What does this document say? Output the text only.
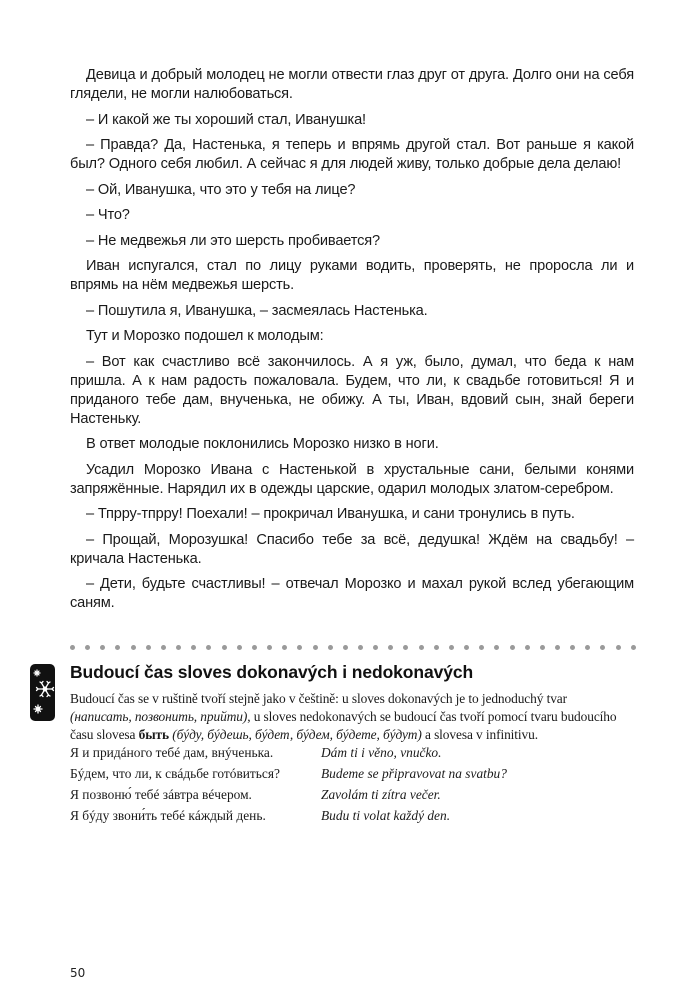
Девица и добрый молодец не могли отвести глаз друг от друга. Долго они на себя глядели, не могли налюбоваться.

– И какой же ты хороший стал, Иванушка!

– Правда? Да, Настенька, я теперь и впрямь другой стал. Вот раньше я какой был? Одного себя любил. А сейчас я для людей живу, только добрые дела делаю!

– Ой, Иванушка, что это у тебя на лице?

– Что?

– Не медвежья ли это шерсть пробивается?

Иван испугался, стал по лицу руками водить, проверять, не проросла ли и впрямь на нём медвежья шерсть.

– Пошутила я, Иванушка, – засмеялась Настенька.

Тут и Морозко подошел к молодым:

– Вот как счастливо всё закончилось. А я уж, было, думал, что беда к нам пришла. А к нам радость пожаловала. Будем, что ли, к свадьбе готовиться! Я и приданого тебе дам, внученька, не обижу. А ты, Иван, вдовий сын, знай береги Настеньку.

В ответ молодые поклонились Морозко низко в ноги.

Усадил Морозко Ивана с Настенькой в хрустальные сани, белыми конями запряжённые. Нарядил их в одежды царские, одарил молодых златом-серебром.

– Тпрру-тпрру! Поехали! – прокричал Иванушка, и сани тронулись в путь.

– Прощай, Морозушка! Спасибо тебе за всё, дедушка! Ждём на свадьбу! – кричала Настенька.

– Дети, будьте счастливы! – отвечал Морозко и махал рукой вслед убегающим саням.

Budoucí čas sloves dokonavých i nedokonavých

Budoucí čas se v ruštině tvoří stejně jako v češtině: u sloves dokonavých je to jednoduchý tvar (написать, позвонить, прийти), u sloves nedokonavých se budoucí čas tvoří pomocí tvaru budoucího času slovesa быть (бýду, бýдешь, бýдет, бýдем, бýдете, бýдут) a slovesa v infinitivu.

Я и придáного тебé дам, внýченька.	Dám ti i věno, vnučko.
Бýдем, что ли, к свáдьбе готóвиться?	Budeme se připravovat na svatbu?
Я позвоню́ тебé зáвтра вéчером.	Zavolám ti zítra večer.
Я бýду звони́ть тебé кáждый день.	Budu ti volat každý den.
50
